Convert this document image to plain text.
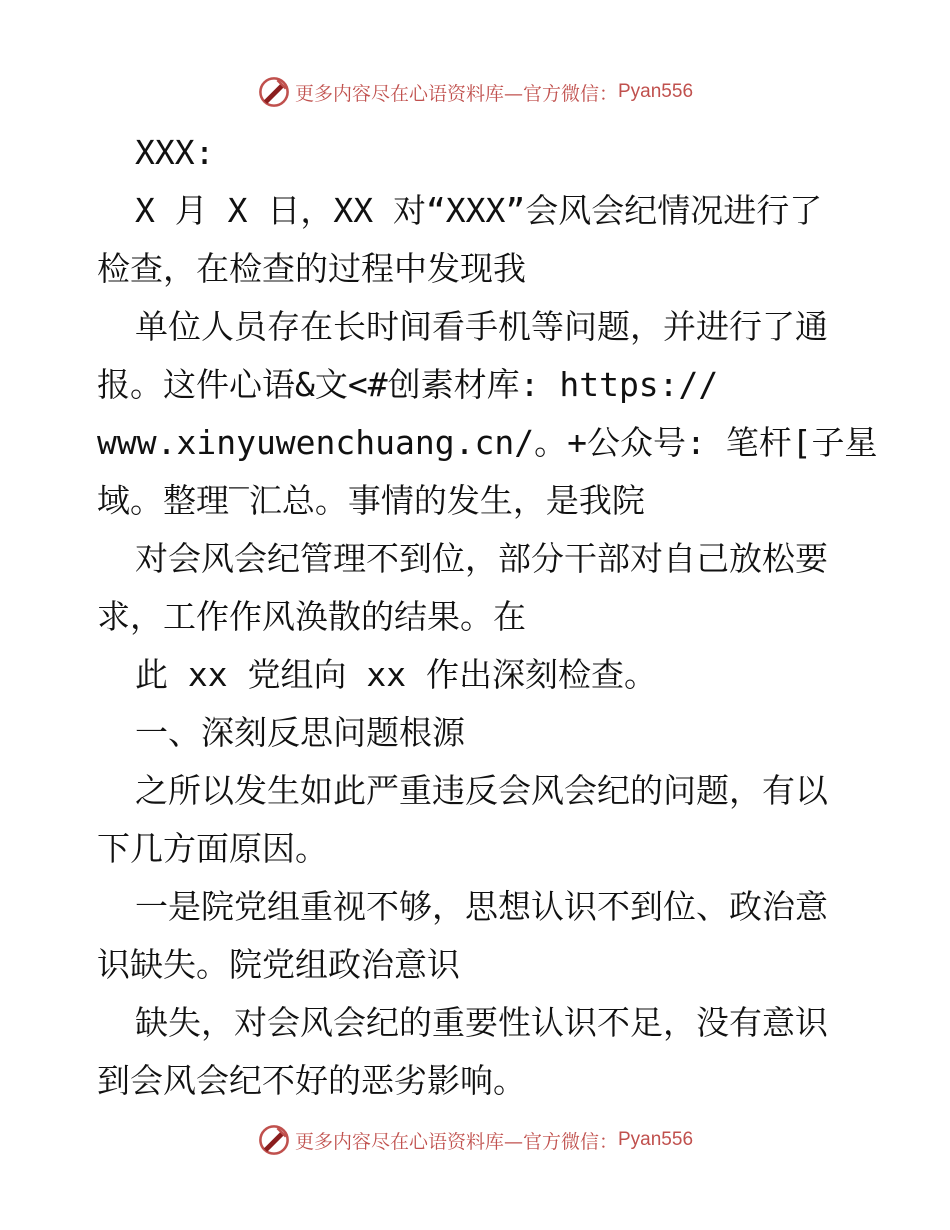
更多内容尽在心语资料库—官方微信： Pyan556

XXX:

X 月 X 日，XX 对“XXX”会风会纪情况进行了

检查，在检查的过程中发现我

单位人员存在长时间看手机等问题，并进行了通

报。这件心语&文<#创素材库: https://

www.xinyuwenchuang.cn/。+公众号: 笔杆[子星

域。整理‾汇总。事情的发生，是我院

对会风会纪管理不到位，部分干部对自己放松要

求，工作作风涣散的结果。在

此 xx 党组向 xx 作出深刻检查。

一、深刻反思问题根源

之所以发生如此严重违反会风会纪的问题，有以

下几方面原因。

一是院党组重视不够，思想认识不到位、政治意

识缺失。院党组政治意识

缺失，对会风会纪的重要性认识不足，没有意识

到会风会纪不好的恶劣影响。

更多内容尽在心语资料库—官方微信： Pyan556
